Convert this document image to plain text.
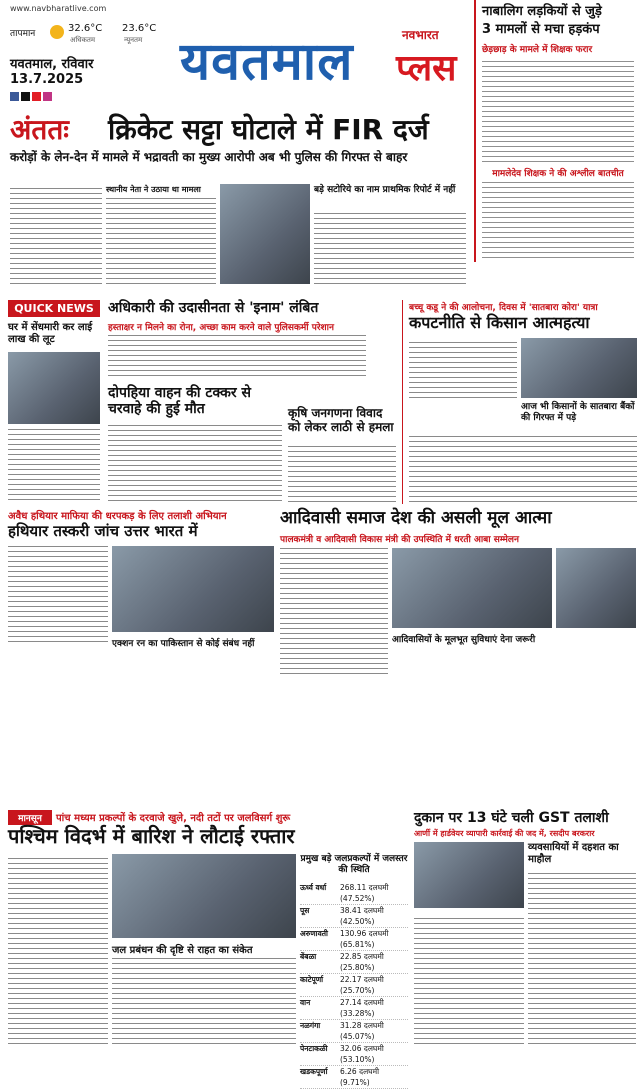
www.navbharatlive.com
तापमान	32.6°C
अधिकतम
23.6°C
न्यूनतम
यवतमाल, रविवार
13.7.2025 यवतमाल	नवभारत
प्लस
नाबालिग लड़कियों से जुड़े
3 मामलों से मचा हड़कंप
छेड़छाड़ के मामले में शिक्षक फरार
मामलेदेव शिक्षक ने की अश्लील बातचीत
अंततः क्रिकेट सट्टा घोटाले में FIR दर्ज
करोड़ों के लेन-देन में मामले में भद्रावती का मुख्य आरोपी अब भी पुलिस की गिरफ्त से बाहर
स्थानीय नेता ने उठाया था मामला	बड़े सटोरिये का नाम प्राथमिक रिपोर्ट में नहीं
QUICK NEWS
घर में सेंधमारी कर लाई लाख की लूट
अधिकारी की उदासीनता से 'इनाम' लंबित
हस्ताक्षर न मिलने का रोना, अच्छा काम करने वाले पुलिसकर्मी परेशान
दोपहिया वाहन की टक्कर से चरवाहे की हुई मौत	कृषि जनगणना विवाद को लेकर लाठी से हमला
बच्चू कडू ने की आलोचना, दिवस में 'सातबारा कोरा' यात्रा
कपटनीति से किसान आत्महत्या
आज भी किसानों के सातबारा बैंकों की गिरफ्त में पड़े
अवैध हथियार माफिया की धरपकड़ के लिए तलाशी अभियान
हथियार तस्करी जांच उत्तर भारत में
एक्शन रन का पाकिस्तान से कोई संबंध नहीं
आदिवासी समाज देश की असली मूल आत्मा
पालकमंत्री व आदिवासी विकास मंत्री की उपस्थिति में धरती आबा सम्मेलन
आदिवासियों के मूलभूत सुविधाएं देना जरूरी
मानसून	पांच मध्यम प्रकल्पों के दरवाजे खुले, नदी तटों पर जलविसर्ग शुरू
पश्चिम विदर्भ में बारिश ने लौटाई रफ्तार
जल प्रबंधन की दृष्टि से राहत का संकेत
प्रमुख बड़े जलप्रकल्पों में जलस्तर की स्थिति
ऊर्ध्व वर्धा	268.11 दलघमी (47.52%)
पूस	38.41 दलघमी (42.50%)
अरुणावती	130.96 दलघमी (65.81%)
बेंबळा	22.85 दलघमी (25.80%)
काटेपूर्णा	22.17 दलघमी (25.70%)
वान	27.14 दलघमी (33.28%)
नळगंगा	31.28 दलघमी (45.07%)
पेनटाकळी	32.06 दलघमी (53.10%)
खडकपूर्णा	6.26 दलघमी (9.71%)
दुकान पर 13 घंटे चली GST तलाशी
आर्णी में हार्डवेयर व्यापारी कार्रवाई की जद में, रसदीप बरकरार
व्यवसायियों में दहशत का माहौल
